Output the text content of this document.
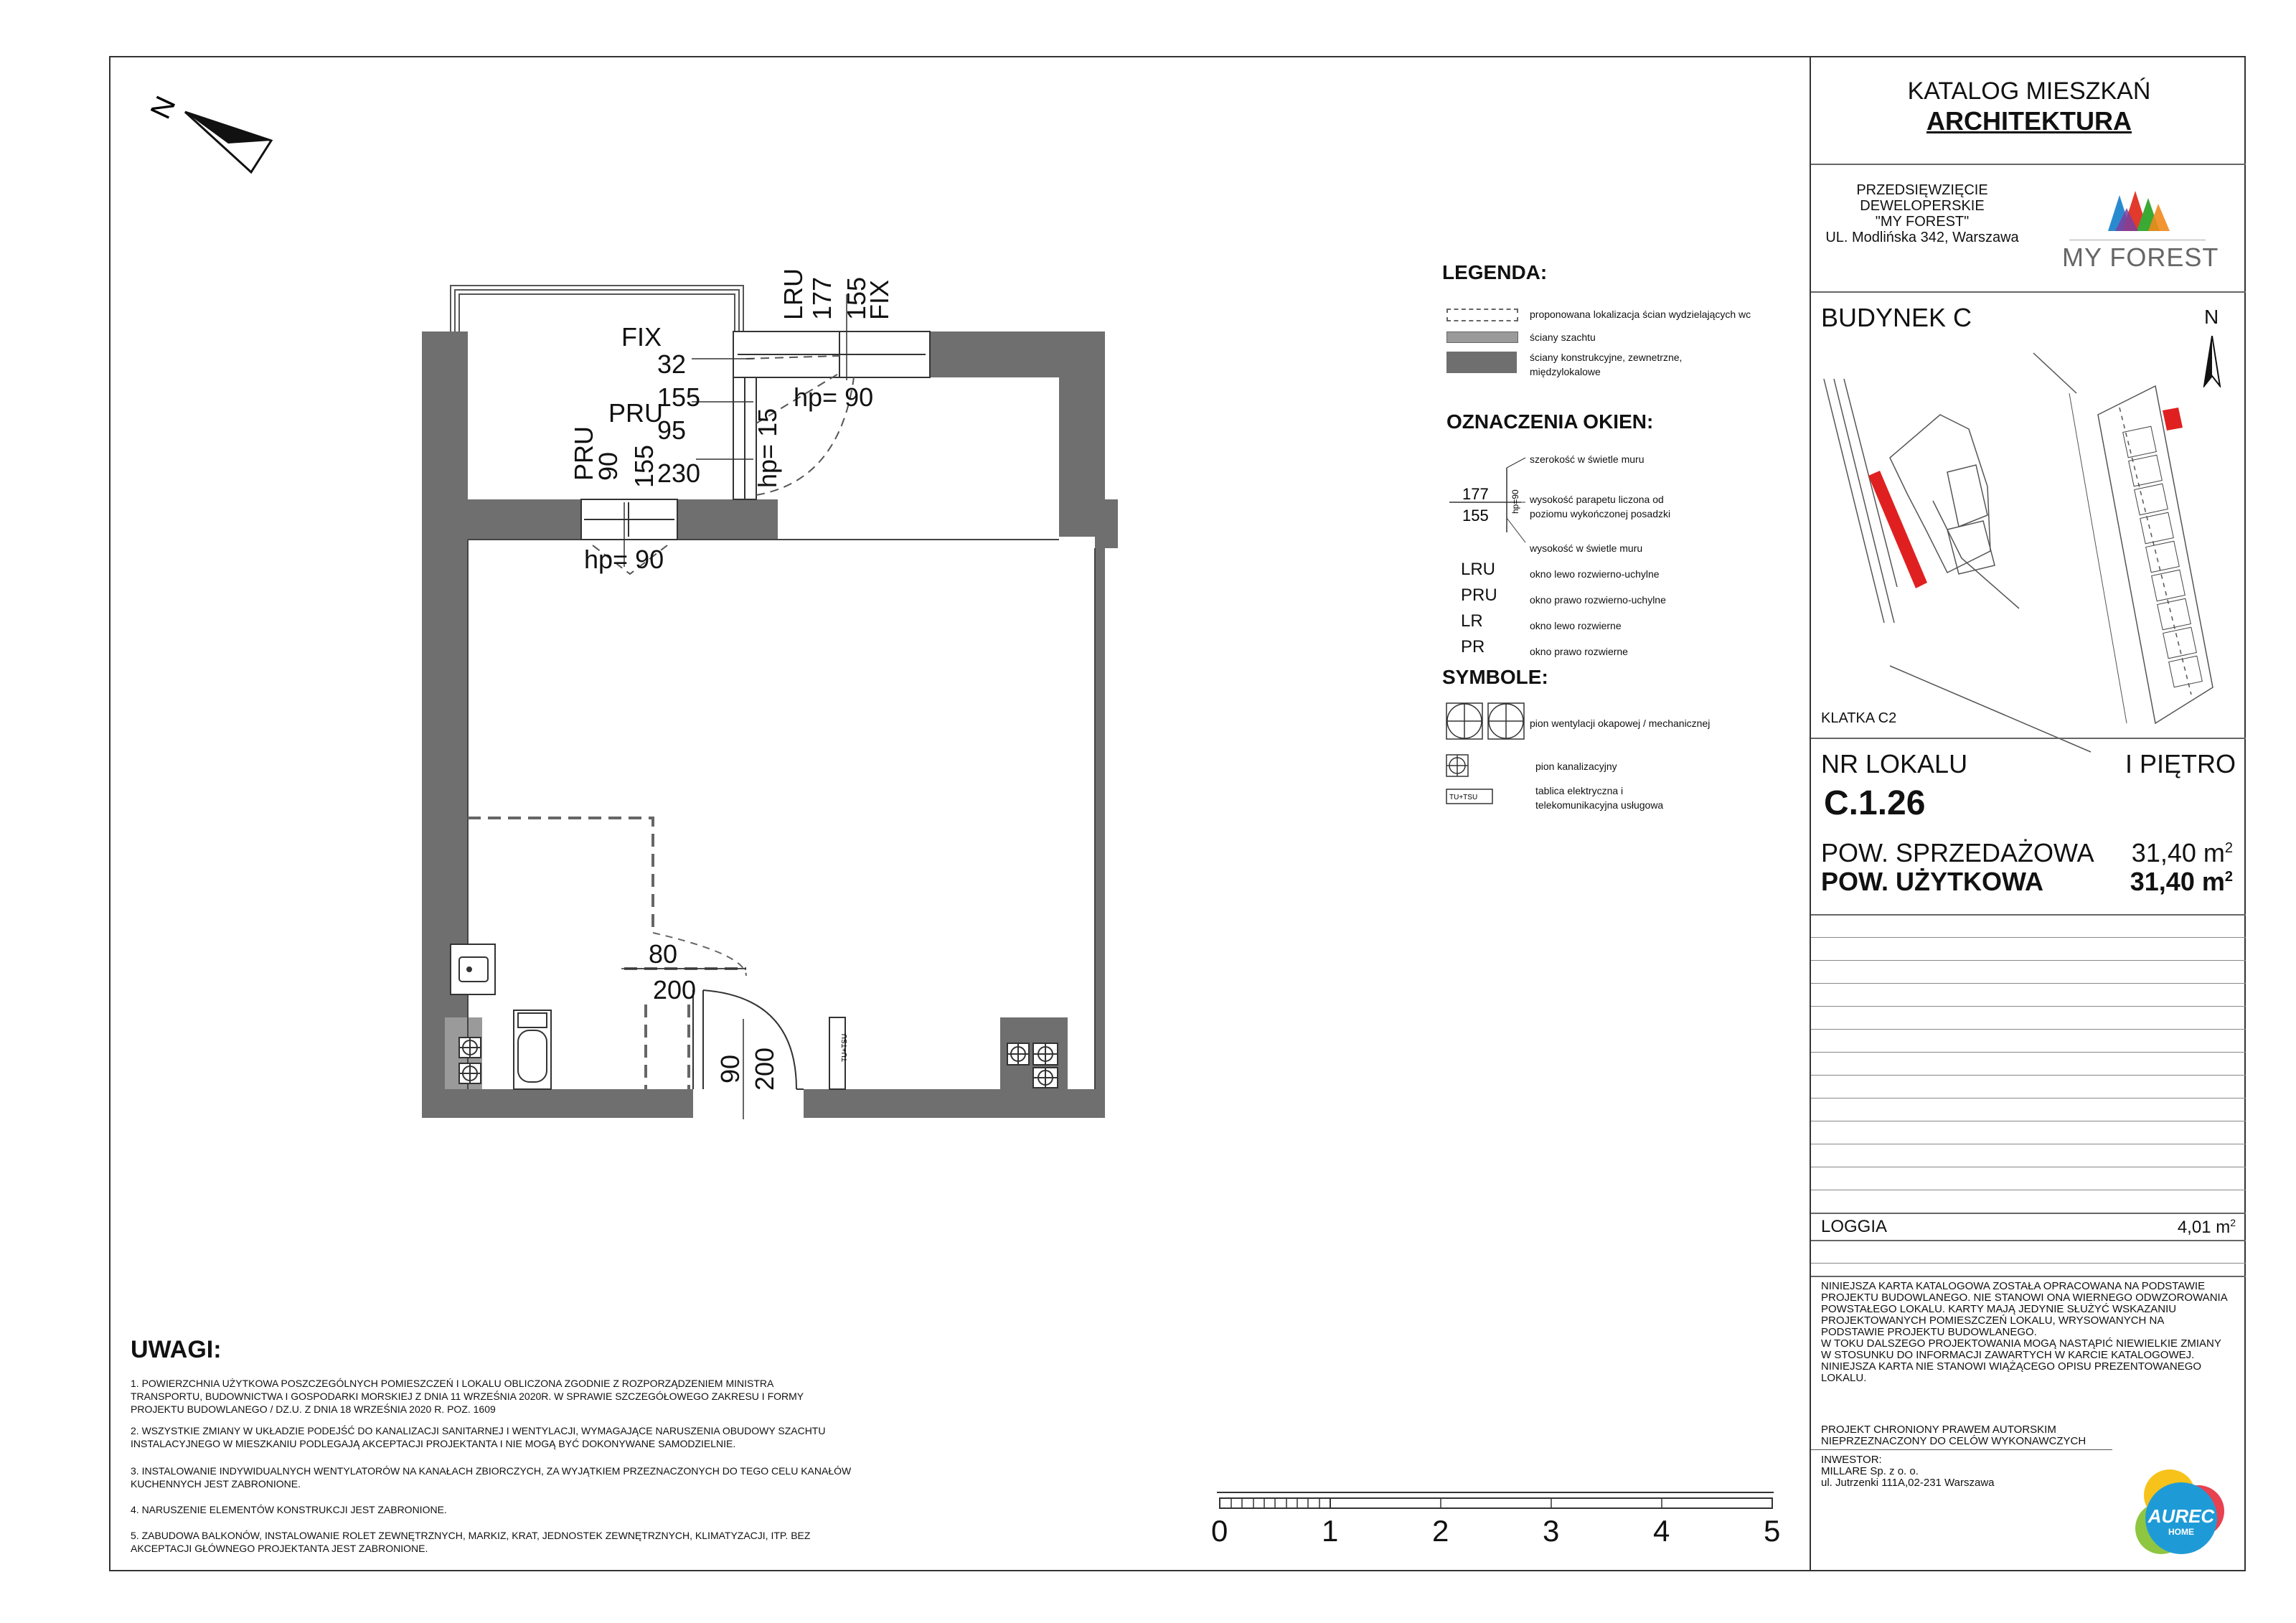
N
TU+TSU
FIX
32
155
PRU
95
230
hp= 90
hp= 90
80
200
hp= 15
LRU 177 155
FIX
PRU
90 155
90 200
0	1	2	3	4	5
LEGENDA:
proponowana lokalizacja ścian wydzielających wc
ściany szachtu
ściany konstrukcyjne, zewnetrzne,
międzylokalowe
OZNACZENIA OKIEN:
177
155
hp=90
szerokość w świetle muru
wysokość parapetu liczona od
poziomu wykończonej posadzki
wysokość w świetle muru
LRU	okno lewo rozwierno-uchylne
PRU	okno prawo rozwierno-uchylne
LR	okno lewo rozwierne
PR	okno prawo rozwierne
SYMBOLE:
TU+TSU
pion wentylacji okapowej / mechanicznej
pion kanalizacyjny
tablica elektryczna i
telekomunikacyjna usługowa
UWAGI:
1. POWIERZCHNIA UŻYTKOWA POSZCZEGÓLNYCH POMIESZCZEŃ I LOKALU OBLICZONA ZGODNIE Z ROZPORZĄDZENIEM MINISTRA
TRANSPORTU, BUDOWNICTWA I GOSPODARKI MORSKIEJ Z DNIA 11 WRZEŚNIA 2020R. W SPRAWIE SZCZEGÓŁOWEGO ZAKRESU I FORMY
PROJEKTU BUDOWLANEGO / DZ.U. Z DNIA 18 WRZEŚNIA 2020 R. POZ. 1609
2. WSZYSTKIE ZMIANY W UKŁADZIE PODEJŚĆ DO KANALIZACJI SANITARNEJ I WENTYLACJI, WYMAGAJĄCE NARUSZENIA OBUDOWY SZACHTU
INSTALACYJNEGO W MIESZKANIU PODLEGAJĄ AKCEPTACJI PROJEKTANTA I NIE MOGĄ BYĆ DOKONYWANE SAMODZIELNIE.
3. INSTALOWANIE INDYWIDUALNYCH WENTYLATORÓW NA KANAŁACH ZBIORCZYCH, ZA WYJĄTKIEM PRZEZNACZONYCH DO TEGO CELU KANAŁÓW
KUCHENNYCH JEST ZABRONIONE.
4. NARUSZENIE ELEMENTÓW KONSTRUKCJI JEST ZABRONIONE.
5. ZABUDOWA BALKONÓW, INSTALOWANIE ROLET ZEWNĘTRZNYCH, MARKIZ, KRAT, JEDNOSTEK ZEWNĘTRZNYCH, KLIMATYZACJI, ITP. BEZ
AKCEPTACJI GŁÓWNEGO PROJEKTANTA JEST ZABRONIONE.
KATALOG MIESZKAŃ
ARCHITEKTURA
PRZEDSIĘWZIĘCIE
DEWELOPERSKIE
"MY FOREST"
UL. Modlińska 342, Warszawa
MY FOREST
BUDYNEK C	N
KLATKA C2
NR LOKALU	I PIĘTRO
C.1.26
POW. SPRZEDAŻOWA 31,40 $m^2$
POW. UŻYTKOWA	31,40 $m^2$
LOGGIA	4,01 $m^2$
NINIEJSZA KARTA KATALOGOWA ZOSTAŁA OPRACOWANA NA PODSTAWIE
PROJEKTU BUDOWLANEGO. NIE STANOWI ONA WIERNEGO ODWZOROWANIA
POWSTAŁEGO LOKALU. KARTY MAJĄ JEDYNIE SŁUŻYĆ WSKAZANIU
PROJEKTOWANYCH POMIESZCZEŃ LOKALU, WRYSOWANYCH NA
PODSTAWIE PROJEKTU BUDOWLANEGO.
W TOKU DALSZEGO PROJEKTOWANIA MOGĄ NASTĄPIĆ NIEWIELKIE ZMIANY
W STOSUNKU DO INFORMACJI ZAWARTYCH W KARCIE KATALOGOWEJ.
NINIEJSZA KARTA NIE STANOWI WIĄŻĄCEGO OPISU PREZENTOWANEGO
LOKALU.
PROJEKT CHRONIONY PRAWEM AUTORSKIM
NIEPRZEZNACZONY DO CELÓW WYKONAWCZYCH
INWESTOR:
MILLARE Sp. z o. o.
ul. Jutrzenki 111A,02-231 Warszawa
AUREC
HOME
